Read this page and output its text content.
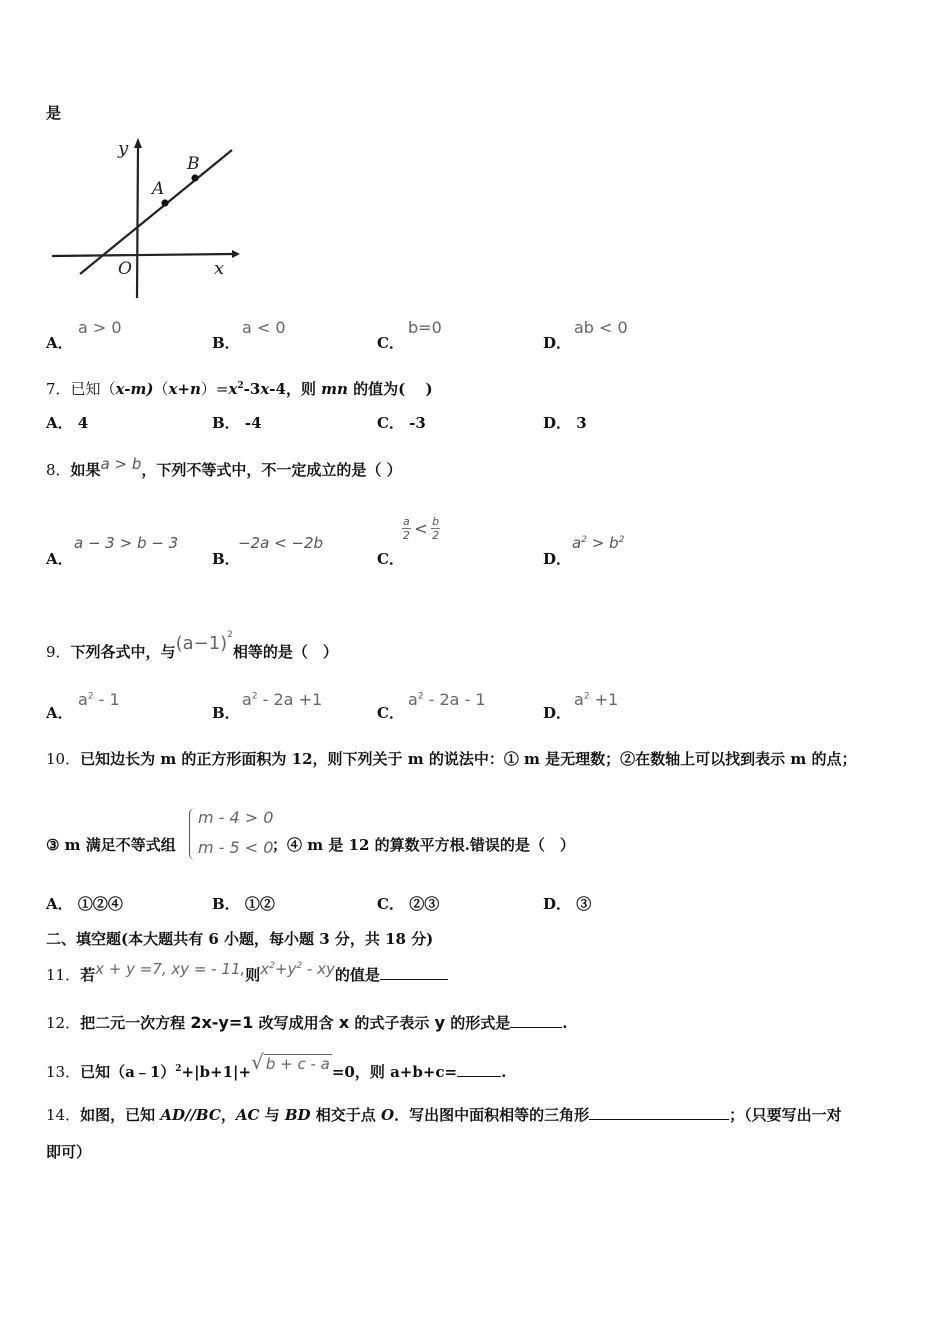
是
y
x
O
A
B
A．
a > 0
B．
a < 0
C．
b=0
D．
ab < 0
7．已知$(x-m)(x+n)=x^2-3x-4$，则 mn 的值为(　 )
A． 4	B． -4	C． -3	D． 3
8．如果a > b，下列不等式中，不一定成立的是（ ）
A．
a − 3 > b − 3
B．
−2a < −2b
C．
$\frac{a}{2} < \frac{b}{2}$
D．
$a^2 > b^2$
9．下列各式中，与$(a-1)^2$相等的是（　）
A．
$a^2 - 1$
B．
$a^2 - 2a +1$
C．
$a^2 - 2a - 1$
D．
$a^2 +1$
10．已知边长为 m 的正方形面积为 12，则下列关于 m 的说法中：① m 是无理数；②在数轴上可以找到表示 m 的点；
③ m 满足不等式组
m - 4 > 0
m - 5 < 0
；④ m 是 12 的算数平方根.错误的是（　）
A． ①②④	B． ①②	C． ②③	D． ③
二、填空题(本大题共有 6 小题，每小题 3 分，共 18 分)
11．若x + y =7, xy = - 11,则$x^2+y^2$ - xy的值是
12．把二元一次方程 2x-y=1 改写成用含 x 的式子表示 y 的形式是	.
13．已知（a﹣1）$^2$+|b+1|+√ b + c - a =0，则 a+b+c=	.
14．如图，已知 AD//BC，AC 与 BD 相交于点 O．写出图中面积相等的三角形	；（只要写出一对
即可）
